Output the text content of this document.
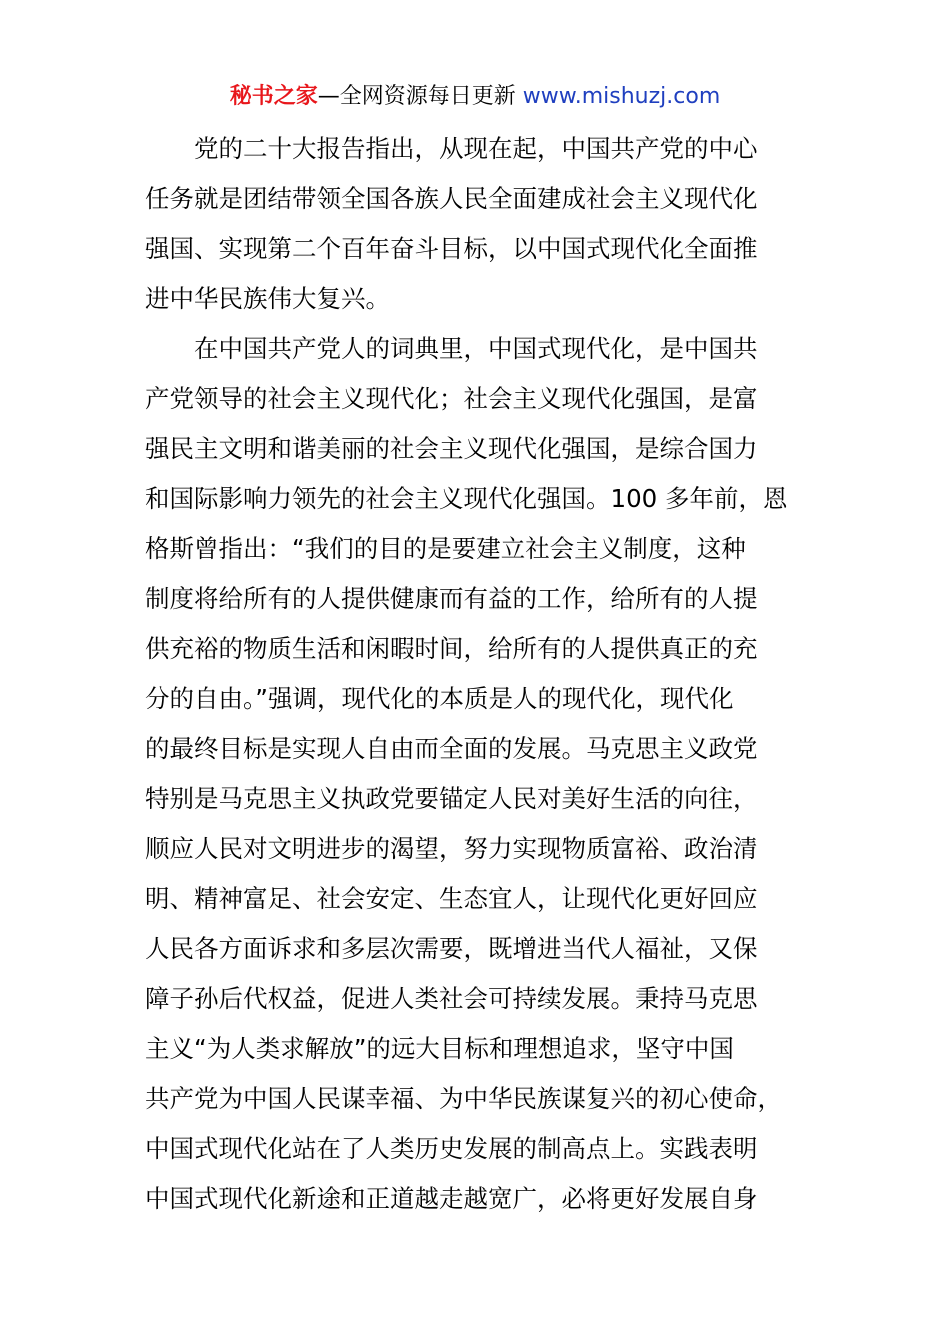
秘书之家—全网资源每日更新 www.mishuzj.com
　　党的二十大报告指出，从现在起，中国共产党的中心
任务就是团结带领全国各族人民全面建成社会主义现代化
强国、实现第二个百年奋斗目标，以中国式现代化全面推
进中华民族伟大复兴。
　　在中国共产党人的词典里，中国式现代化，是中国共
产党领导的社会主义现代化；社会主义现代化强国，是富
强民主文明和谐美丽的社会主义现代化强国，是综合国力
和国际影响力领先的社会主义现代化强国。100 多年前，恩
格斯曾指出：“我们的目的是要建立社会主义制度，这种
制度将给所有的人提供健康而有益的工作，给所有的人提
供充裕的物质生活和闲暇时间，给所有的人提供真正的充
分的自由。”强调，现代化的本质是人的现代化，现代化
的最终目标是实现人自由而全面的发展。马克思主义政党
特别是马克思主义执政党要锚定人民对美好生活的向往，
顺应人民对文明进步的渴望，努力实现物质富裕、政治清
明、精神富足、社会安定、生态宜人，让现代化更好回应
人民各方面诉求和多层次需要，既增进当代人福祉，又保
障子孙后代权益，促进人类社会可持续发展。秉持马克思
主义“为人类求解放”的远大目标和理想追求，坚守中国
共产党为中国人民谋幸福、为中华民族谋复兴的初心使命，
中国式现代化站在了人类历史发展的制高点上。实践表明
中国式现代化新途和正道越走越宽广，必将更好发展自身
